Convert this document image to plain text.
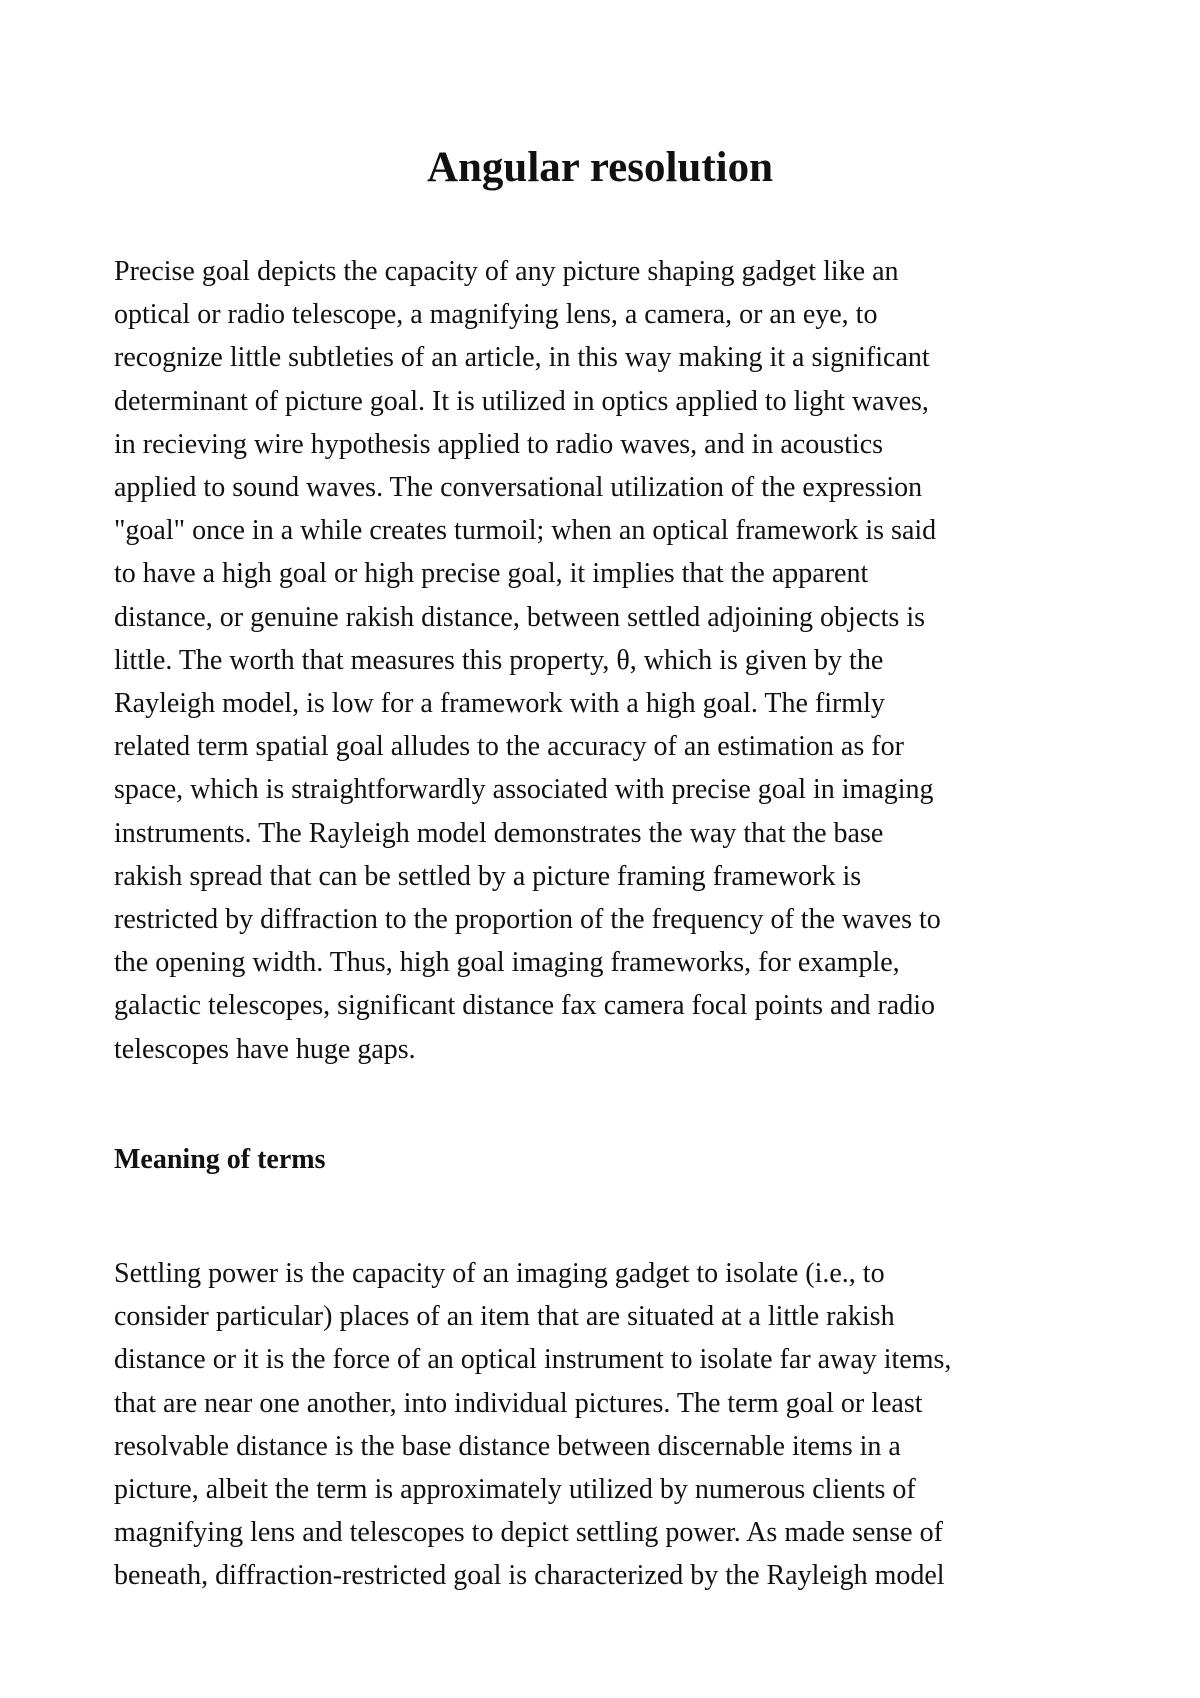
Angular resolution

Precise goal depicts the capacity of any picture shaping gadget like an
optical or radio telescope, a magnifying lens, a camera, or an eye, to
recognize little subtleties of an article, in this way making it a significant
determinant of picture goal. It is utilized in optics applied to light waves,
in recieving wire hypothesis applied to radio waves, and in acoustics
applied to sound waves. The conversational utilization of the expression
"goal" once in a while creates turmoil; when an optical framework is said
to have a high goal or high precise goal, it implies that the apparent
distance, or genuine rakish distance, between settled adjoining objects is
little. The worth that measures this property, θ, which is given by the
Rayleigh model, is low for a framework with a high goal. The firmly
related term spatial goal alludes to the accuracy of an estimation as for
space, which is straightforwardly associated with precise goal in imaging
instruments. The Rayleigh model demonstrates the way that the base
rakish spread that can be settled by a picture framing framework is
restricted by diffraction to the proportion of the frequency of the waves to
the opening width. Thus, high goal imaging frameworks, for example,
galactic telescopes, significant distance fax camera focal points and radio
telescopes have huge gaps.

Meaning of terms

Settling power is the capacity of an imaging gadget to isolate (i.e., to
consider particular) places of an item that are situated at a little rakish
distance or it is the force of an optical instrument to isolate far away items,
that are near one another, into individual pictures. The term goal or least
resolvable distance is the base distance between discernable items in a
picture, albeit the term is approximately utilized by numerous clients of
magnifying lens and telescopes to depict settling power. As made sense of
beneath, diffraction-restricted goal is characterized by the Rayleigh model
